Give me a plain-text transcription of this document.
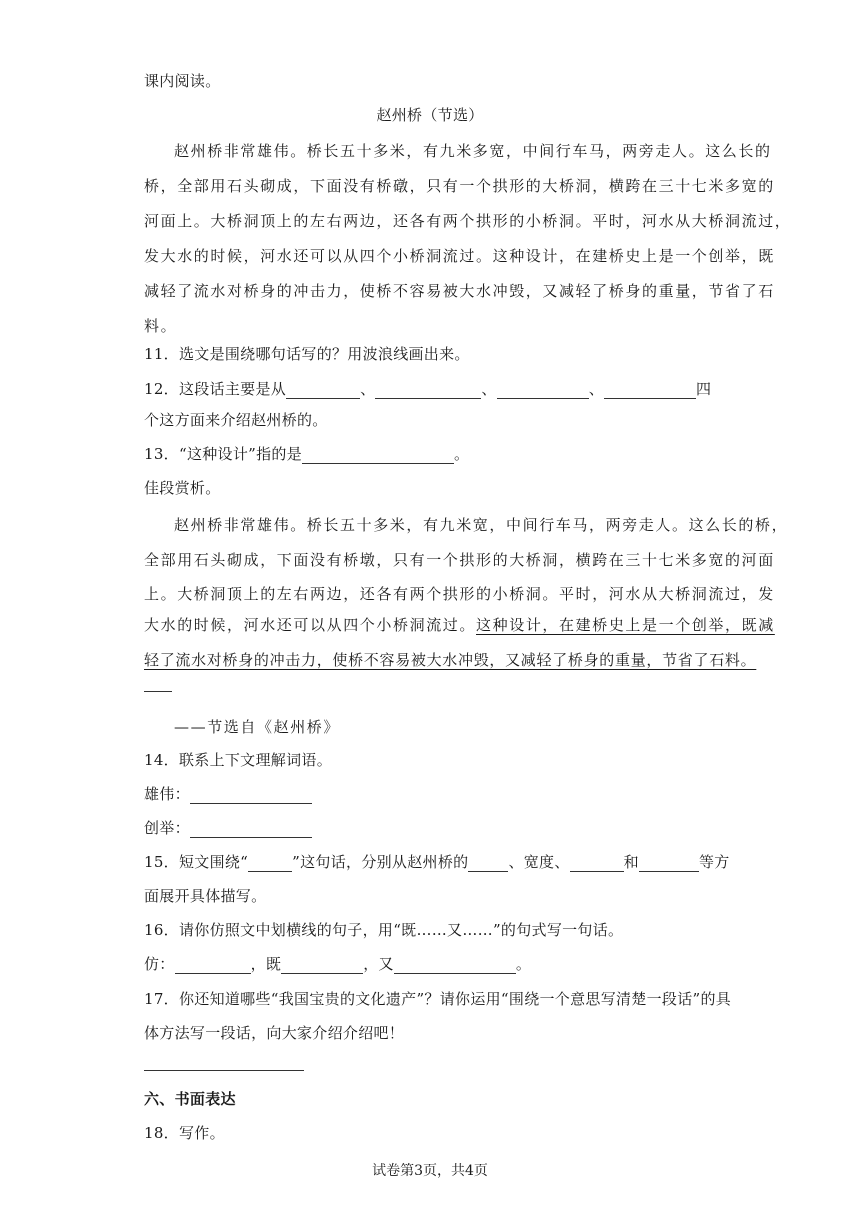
课内阅读。
赵州桥（节选）
赵州桥非常雄伟。桥长五十多米，有九米多宽，中间行车马，两旁走人。这么长的
桥，全部用石头砌成，下面没有桥礅，只有一个拱形的大桥洞，横跨在三十七米多宽的
河面上。大桥洞顶上的左右两边，还各有两个拱形的小桥洞。平时，河水从大桥洞流过，
发大水的时候，河水还可以从四个小桥洞流过。这种设计，在建桥史上是一个创举，既
减轻了流水对桥身的冲击力，使桥不容易被大水冲毁，又减轻了桥身的重量，节省了石
料。
11．选文是围绕哪句话写的？用波浪线画出来。
12．这段话主要是从	、	、	、	四
个这方面来介绍赵州桥的。
13．“这种设计”指的是	。
佳段赏析。
赵州桥非常雄伟。桥长五十多米，有九米宽，中间行车马，两旁走人。这么长的桥，
全部用石头砌成，下面没有桥墩，只有一个拱形的大桥洞，横跨在三十七米多宽的河面
上。大桥洞顶上的左右两边，还各有两个拱形的小桥洞。平时，河水从大桥洞流过，发
大水的时候，河水还可以从四个小桥洞流过。这种设计，在建桥史上是一个创举，既减
轻了流水对桥身的冲击力，使桥不容易被大水冲毁，又减轻了桥身的重量，节省了石料。
——节选自《赵州桥》
14．联系上下文理解词语。
雄伟：
创举：
15．短文围绕“	”这句话，分别从赵州桥的	、宽度、	和	等方
面展开具体描写。
16．请你仿照文中划横线的句子，用“既……又……”的句式写一句话。
仿：	，既	，又	。
17．你还知道哪些“我国宝贵的文化遗产”？请你运用“围绕一个意思写清楚一段话”的具
体方法写一段话，向大家介绍介绍吧！
六、书面表达
18．写作。
试卷第3页，共4页
